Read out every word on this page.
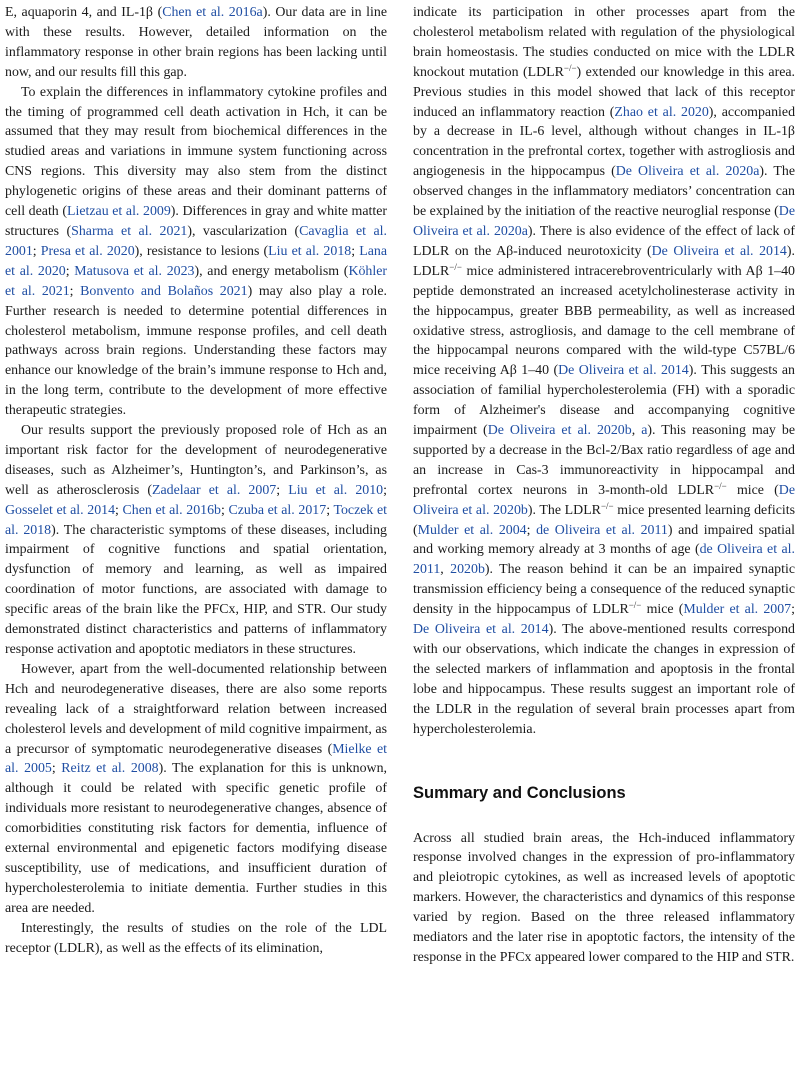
E, aquaporin 4, and IL-1β (Chen et al. 2016a). Our data are in line with these results. However, detailed information on the inflammatory response in other brain regions has been lacking until now, and our results fill this gap.

To explain the differences in inflammatory cytokine profiles and the timing of programmed cell death activation in Hch, it can be assumed that they may result from biochemical differences in the studied areas and variations in immune system functioning across CNS regions. This diversity may also stem from the distinct phylogenetic origins of these areas and their dominant patterns of cell death (Lietzau et al. 2009). Differences in gray and white matter structures (Sharma et al. 2021), vascularization (Cavaglia et al. 2001; Presa et al. 2020), resistance to lesions (Liu et al. 2018; Lana et al. 2020; Matusova et al. 2023), and energy metabolism (Köhler et al. 2021; Bonvento and Bolaños 2021) may also play a role. Further research is needed to determine potential differences in cholesterol metabolism, immune response profiles, and cell death pathways across brain regions. Understanding these factors may enhance our knowledge of the brain’s immune response to Hch and, in the long term, contribute to the development of more effective therapeutic strategies.

Our results support the previously proposed role of Hch as an important risk factor for the development of neurodegenerative diseases, such as Alzheimer’s, Huntington’s, and Parkinson’s, as well as atherosclerosis (Zadelaar et al. 2007; Liu et al. 2010; Gosselet et al. 2014; Chen et al. 2016b; Czuba et al. 2017; Toczek et al. 2018). The characteristic symptoms of these diseases, including impairment of cognitive functions and spatial orientation, dysfunction of memory and learning, as well as impaired coordination of motor functions, are associated with damage to specific areas of the brain like the PFCx, HIP, and STR. Our study demonstrated distinct characteristics and patterns of inflammatory response activation and apoptotic mediators in these structures.

However, apart from the well-documented relationship between Hch and neurodegenerative diseases, there are also some reports revealing lack of a straightforward relation between increased cholesterol levels and development of mild cognitive impairment, as a precursor of symptomatic neurodegenerative diseases (Mielke et al. 2005; Reitz et al. 2008). The explanation for this is unknown, although it could be related with specific genetic profile of individuals more resistant to neurodegenerative changes, absence of comorbidities constituting risk factors for dementia, influence of external environmental and epigenetic factors modifying disease susceptibility, use of medications, and insufficient duration of hypercholesterolemia to initiate dementia. Further studies in this area are needed.

Interestingly, the results of studies on the role of the LDL receptor (LDLR), as well as the effects of its elimination,

indicate its participation in other processes apart from the cholesterol metabolism related with regulation of the physiological brain homeostasis. The studies conducted on mice with the LDLR knockout mutation (LDLR−/−) extended our knowledge in this area. Previous studies in this model showed that lack of this receptor induced an inflammatory reaction (Zhao et al. 2020), accompanied by a decrease in IL-6 level, although without changes in IL-1β concentration in the prefrontal cortex, together with astrogliosis and angiogenesis in the hippocampus (De Oliveira et al. 2020a). The observed changes in the inflammatory mediators’ concentration can be explained by the initiation of the reactive neuroglial response (De Oliveira et al. 2020a). There is also evidence of the effect of lack of LDLR on the Aβ-induced neurotoxicity (De Oliveira et al. 2014). LDLR−/− mice administered intracerebroventricularly with Aβ 1–40 peptide demonstrated an increased acetylcholinesterase activity in the hippocampus, greater BBB permeability, as well as increased oxidative stress, astrogliosis, and damage to the cell membrane of the hippocampal neurons compared with the wild-type C57BL/6 mice receiving Aβ 1–40 (De Oliveira et al. 2014). This suggests an association of familial hypercholesterolemia (FH) with a sporadic form of Alzheimer's disease and accompanying cognitive impairment (De Oliveira et al. 2020b, a). This reasoning may be supported by a decrease in the Bcl-2/Bax ratio regardless of age and an increase in Cas-3 immunoreactivity in hippocampal and prefrontal cortex neurons in 3-month-old LDLR−/− mice (De Oliveira et al. 2020b). The LDLR−/− mice presented learning deficits (Mulder et al. 2004; de Oliveira et al. 2011) and impaired spatial and working memory already at 3 months of age (de Oliveira et al. 2011, 2020b). The reason behind it can be an impaired synaptic transmission efficiency being a consequence of the reduced synaptic density in the hippocampus of LDLR−/− mice (Mulder et al. 2007; De Oliveira et al. 2014). The above-mentioned results correspond with our observations, which indicate the changes in expression of the selected markers of inflammation and apoptosis in the frontal lobe and hippocampus. These results suggest an important role of the LDLR in the regulation of several brain processes apart from hypercholesterolemia.

Summary and Conclusions

Across all studied brain areas, the Hch-induced inflammatory response involved changes in the expression of pro-inflammatory and pleiotropic cytokines, as well as increased levels of apoptotic markers. However, the characteristics and dynamics of this response varied by region. Based on the three released inflammatory mediators and the later rise in apoptotic factors, the intensity of the response in the PFCx appeared lower compared to the HIP and STR.
